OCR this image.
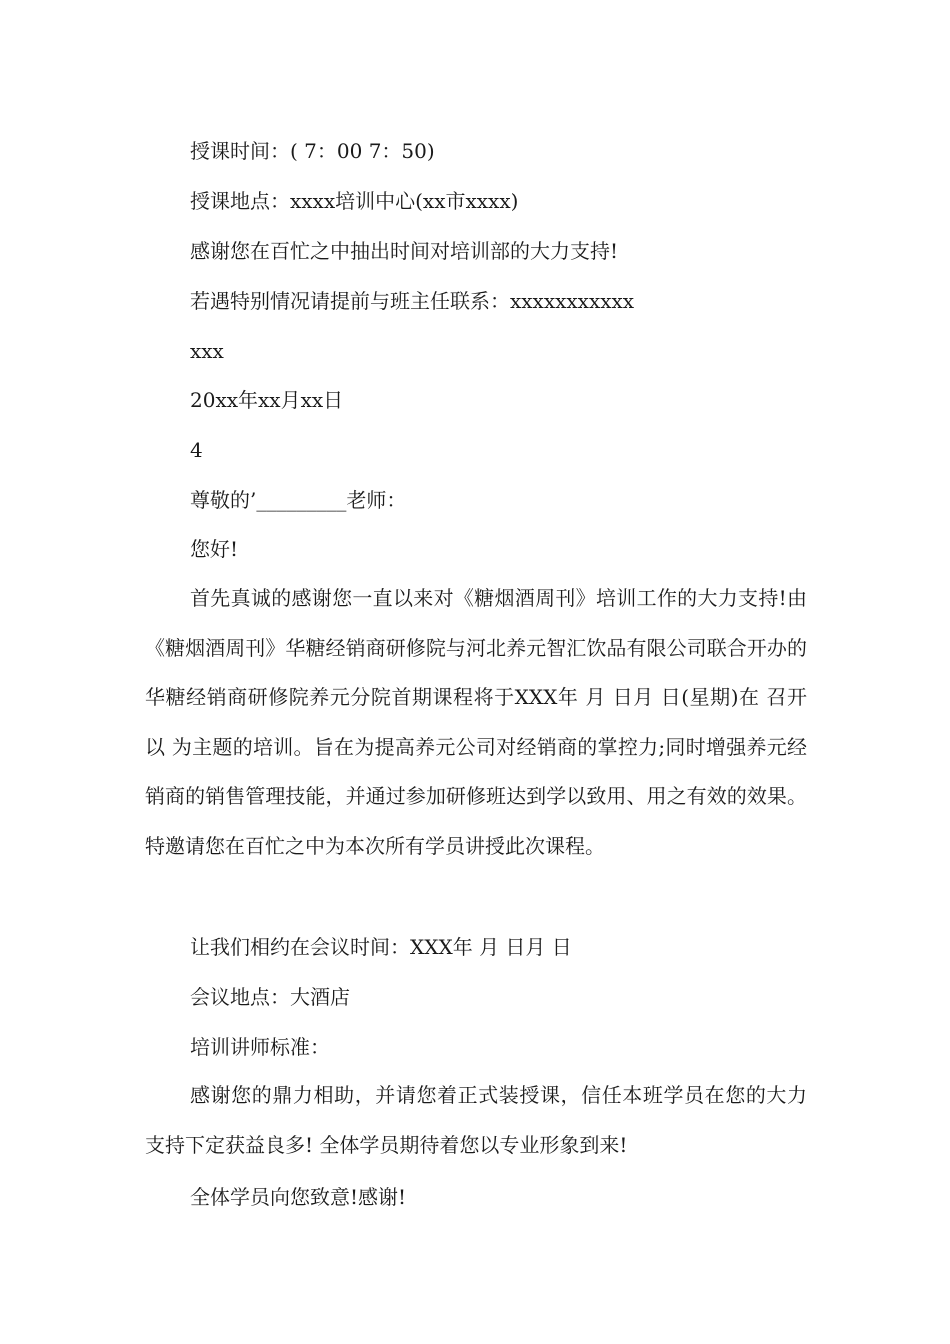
授课时间：( 7：00 7：50)
授课地点：xxxx培训中心(xx市xxxx)
感谢您在百忙之中抽出时间对培训部的大力支持!
若遇特别情况请提前与班主任联系：xxxxxxxxxxx
xxx
20xx年xx月xx日
4
尊敬的’_________老师：
您好!

首先真诚的感谢您一直以来对《糖烟酒周刊》培训工作的大力支持!由《糖烟酒周刊》华糖经销商研修院与河北养元智汇饮品有限公司联合开办的华糖经销商研修院养元分院首期课程将于XXX年 月 日月 日(星期)在 召开以 为主题的培训。旨在为提高养元公司对经销商的掌控力;同时增强养元经销商的销售管理技能，并通过参加研修班达到学以致用、用之有效的效果。特邀请您在百忙之中为本次所有学员讲授此次课程。

让我们相约在会议时间：XXX年 月 日月 日
会议地点：大酒店
培训讲师标准：

感谢您的鼎力相助，并请您着正式装授课，信任本班学员在您的大力支持下定获益良多! 全体学员期待着您以专业形象到来!

全体学员向您致意!感谢!
